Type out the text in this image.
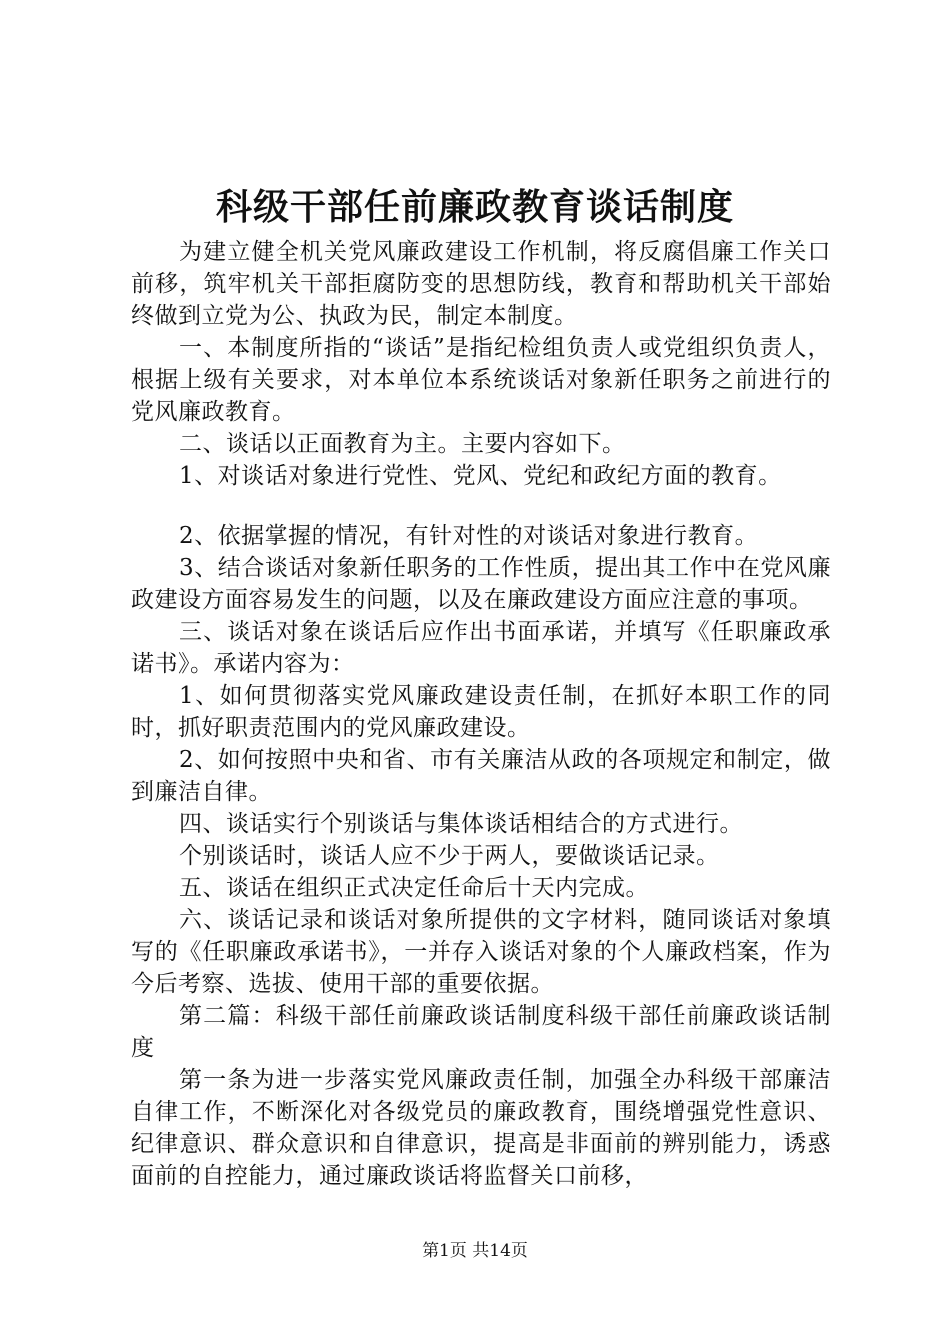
科级干部任前廉政教育谈话制度

为建立健全机关党风廉政建设工作机制，将反腐倡廉工作关口前移，筑牢机关干部拒腐防变的思想防线，教育和帮助机关干部始终做到立党为公、执政为民，制定本制度。

一、本制度所指的“谈话”是指纪检组负责人或党组织负责人，根据上级有关要求，对本单位本系统谈话对象新任职务之前进行的党风廉政教育。

二、谈话以正面教育为主。主要内容如下。

1、对谈话对象进行党性、党风、党纪和政纪方面的教育。

2、依据掌握的情况，有针对性的对谈话对象进行教育。

3、结合谈话对象新任职务的工作性质，提出其工作中在党风廉政建设方面容易发生的问题，以及在廉政建设方面应注意的事项。

三、谈话对象在谈话后应作出书面承诺，并填写《任职廉政承诺书》。承诺内容为：

1、如何贯彻落实党风廉政建设责任制，在抓好本职工作的同时，抓好职责范围内的党风廉政建设。

2、如何按照中央和省、市有关廉洁从政的各项规定和制定，做到廉洁自律。

四、谈话实行个别谈话与集体谈话相结合的方式进行。

个别谈话时，谈话人应不少于两人，要做谈话记录。

五、谈话在组织正式决定任命后十天内完成。

六、谈话记录和谈话对象所提供的文字材料，随同谈话对象填写的《任职廉政承诺书》，一并存入谈话对象的个人廉政档案，作为今后考察、选拔、使用干部的重要依据。

第二篇：科级干部任前廉政谈话制度科级干部任前廉政谈话制度

第一条为进一步落实党风廉政责任制，加强全办科级干部廉洁自律工作，不断深化对各级党员的廉政教育，围绕增强党性意识、纪律意识、群众意识和自律意识，提高是非面前的辨别能力，诱惑面前的自控能力，通过廉政谈话将监督关口前移，

第1页 共14页
